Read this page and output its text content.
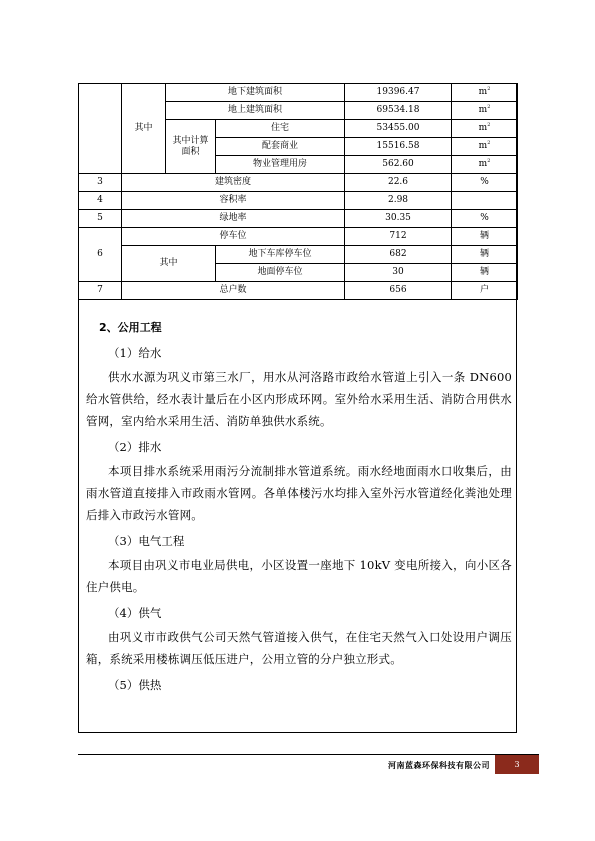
	其中	地下建筑面积		19396.47	$m^2$
		地上建筑面积		69534.18	$m^2$
		其中计算面积	住宅	53455.00	$m^2$
			配套商业	15516.58	$m^2$
			物业管理用房	562.60	$m^2$
3	建筑密度			22.6	%
4	容积率			2.98	
5	绿地率			30.35	%
6	停车位			712	辆
	其中		地下车库停车位	682	辆
			地面停车位	30	辆
7	总户数			656	户
2、公用工程
（1）给水

供水水源为巩义市第三水厂，用水从河洛路市政给水管道上引入一条 DN600 给水管供给，经水表计量后在小区内形成环网。室外给水采用生活、消防合用供水管网，室内给水采用生活、消防单独供水系统。

（2）排水

本项目排水系统采用雨污分流制排水管道系统。雨水经地面雨水口收集后，由雨水管道直接排入市政雨水管网。各单体楼污水均排入室外污水管道经化粪池处理后排入市政污水管网。

（3）电气工程

本项目由巩义市电业局供电，小区设置一座地下 10kV 变电所接入，向小区各住户供电。

（4）供气

由巩义市市政供气公司天然气管道接入供气，在住宅天然气入口处设用户调压箱，系统采用楼栋调压低压进户，公用立管的分户独立形式。

（5）供热
河南蓝森环保科技有限公司	3
